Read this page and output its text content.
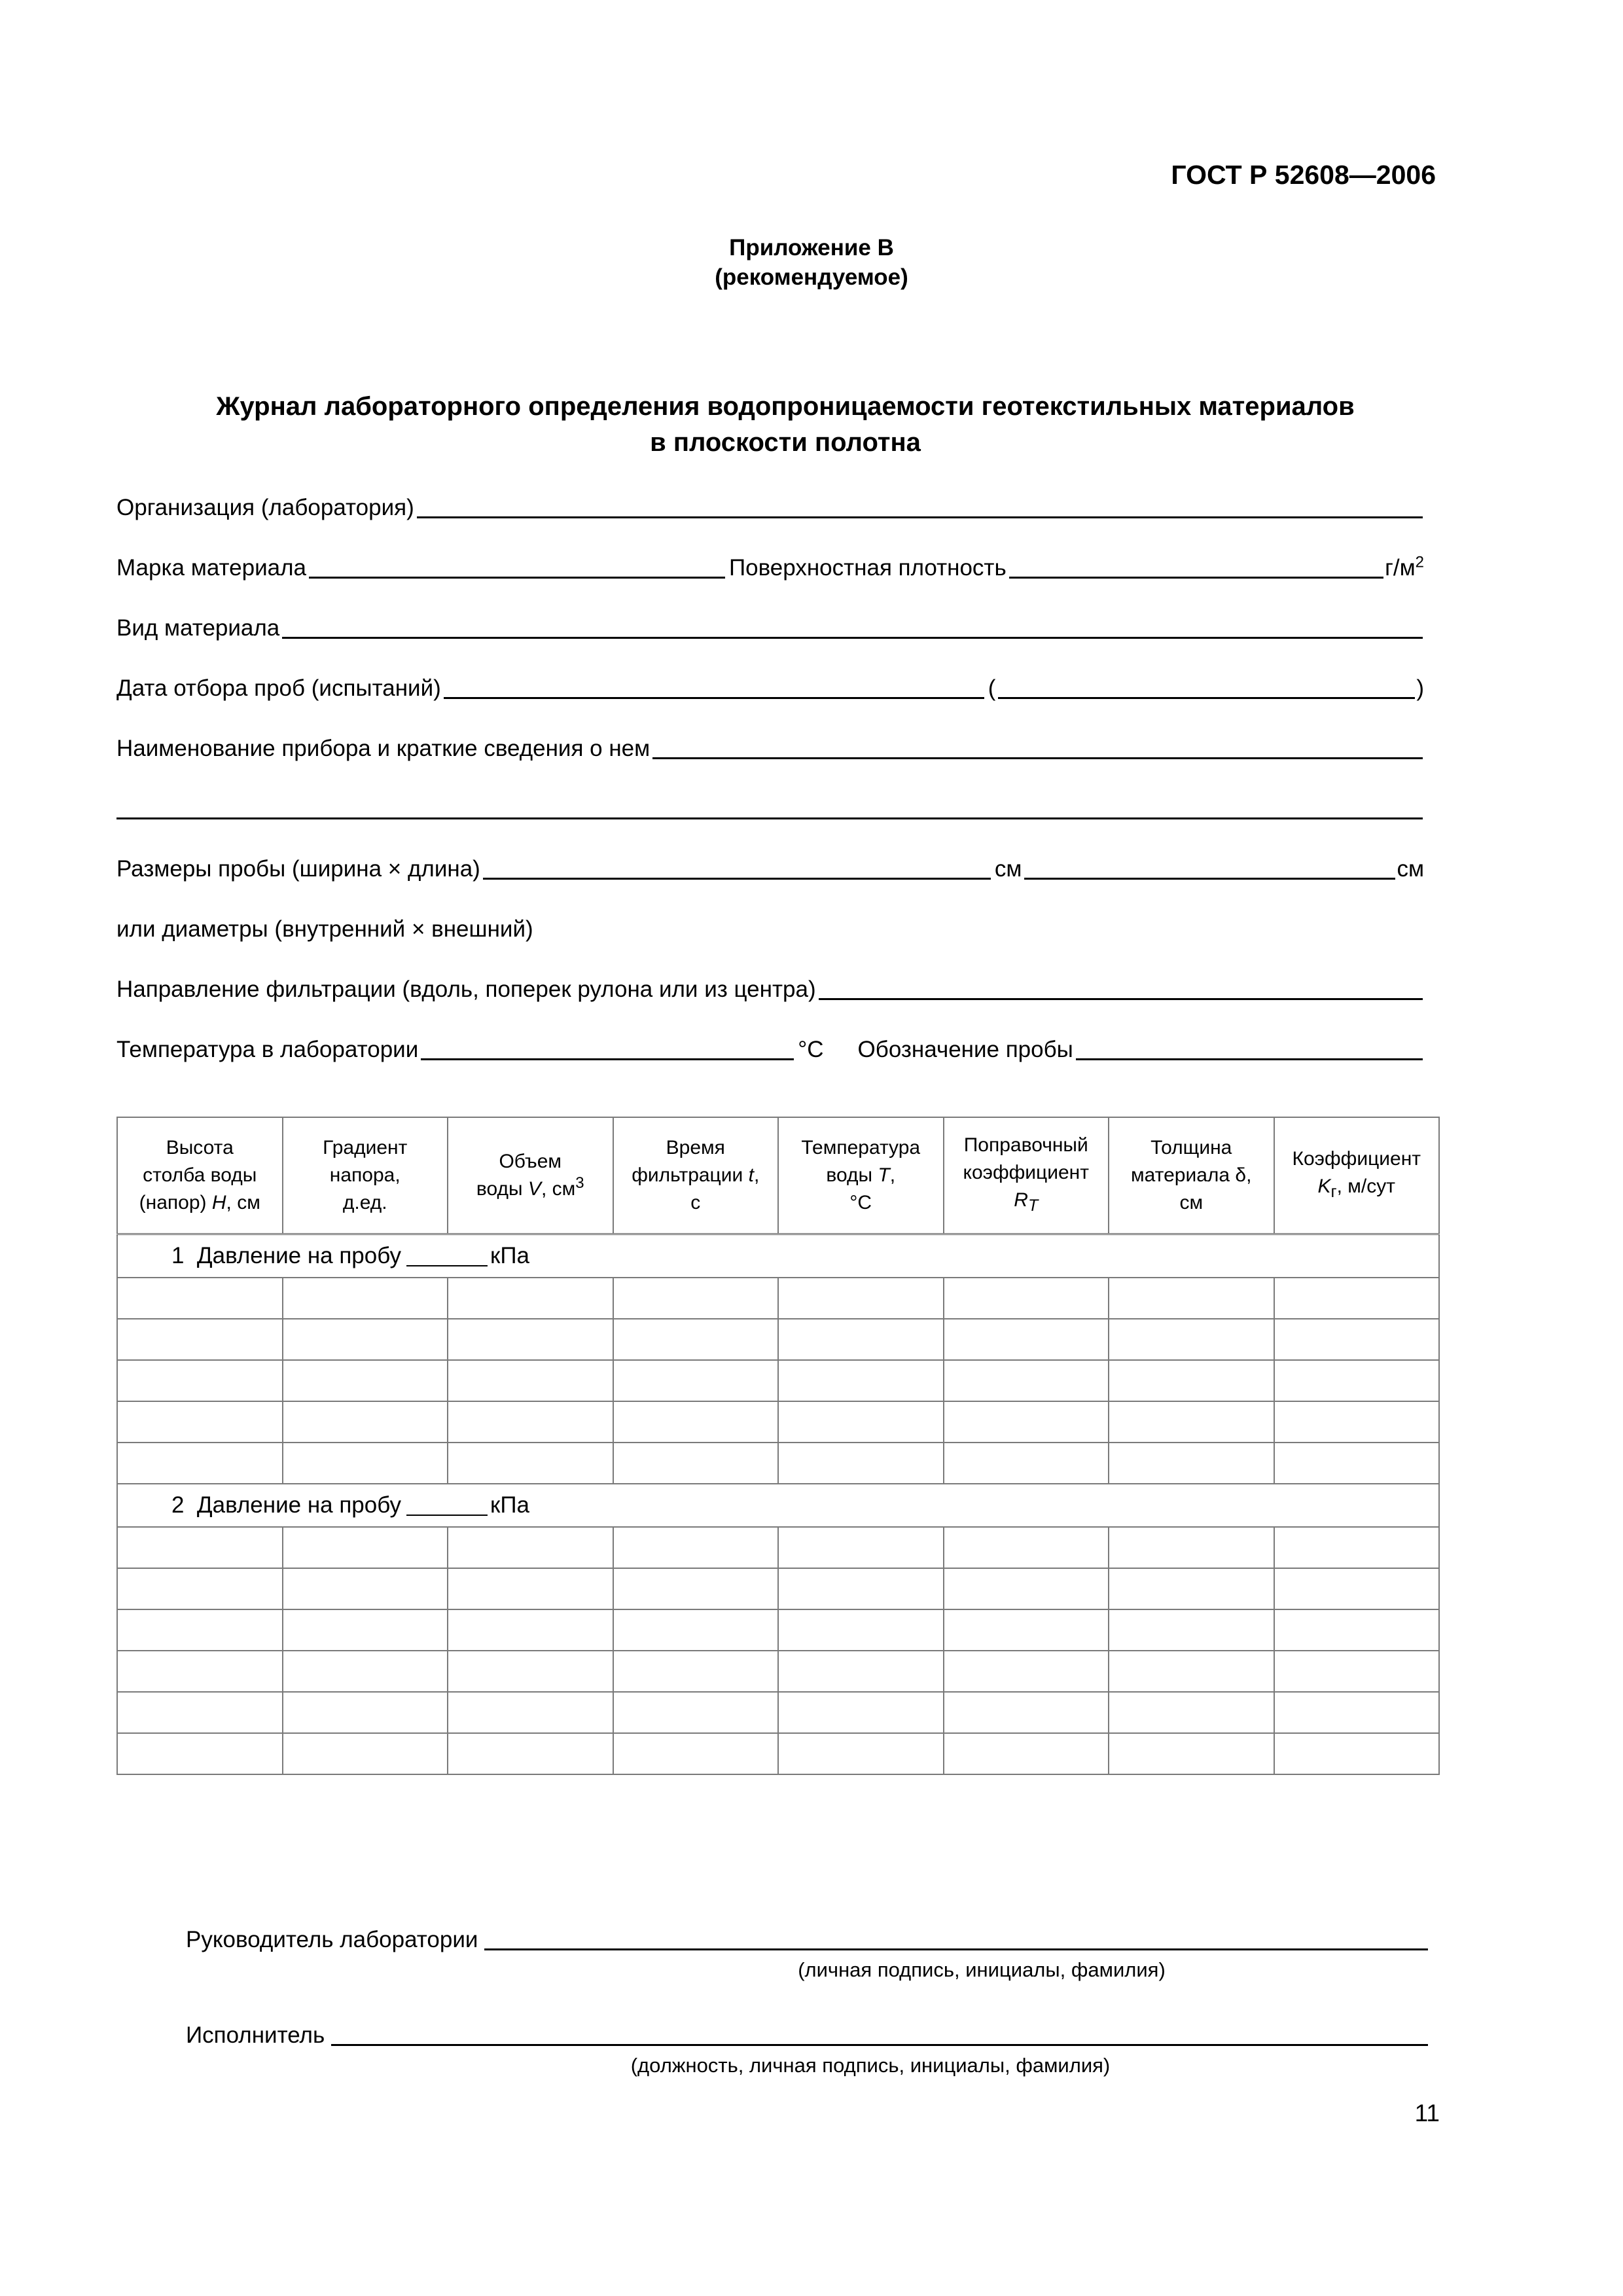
ГОСТ Р 52608—2006
Приложение В
(рекомендуемое)
Журнал лабораторного определения водопроницаемости геотекстильных материалов
в плоскости полотна
Организация (лаборатория)
Марка материала	Поверхностная плотность	$г/м^2$
Вид материала
Дата отбора проб (испытаний)	(	)
Наименование прибора и краткие сведения о нем
Размеры пробы (ширина × длина)	см	см
или диаметры (внутренний × внешний)
Направление фильтрации (вдоль, поперек рулона или из центра)
Температура в лаборатории	°С Обозначение пробы
Высота
столба воды
(напор) H, см	Градиент
напора,
д.ед.	Объем
воды V, $см^3$	Время
фильтрации t,
с	Температура
воды T,
°С	Поправочный
коэффициент
$R_T$	Толщина
материала δ,
см	Коэффициент
$K_г$, м/сут
1 Давление на пробу кПа							

2 Давление на пробу кПа							

Руководитель лаборатории
(личная подпись, инициалы, фамилия)
Исполнитель
(должность, личная подпись, инициалы, фамилия)
11
